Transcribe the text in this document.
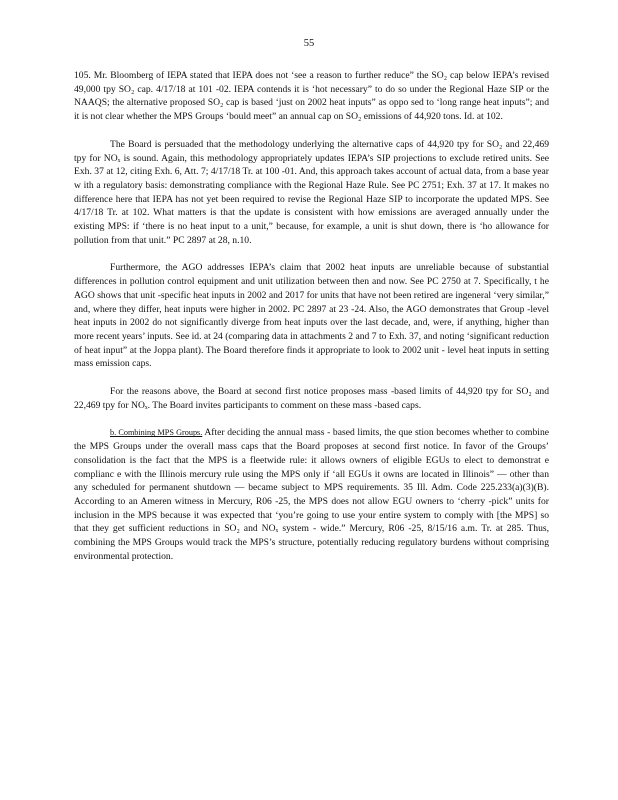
55

105. Mr. Bloomberg of IEPA stated that IEPA does not ‘see a reason to further reduce” the SO₂ cap below IEPA’s revised 49,000 tpy SO₂ cap. 4/17/18 at 101 -02. IEPA contends it is ‘hot necessary” to do so under the Regional Haze SIP or the NAAQS; the alternative proposed SO₂ cap is based ‘just on 2002 heat inputs” as oppo sed to ‘long range heat inputs”; and it is not clear whether the MPS Groups ‘bould meet” an annual cap on SO₂ emissions of 44,920 tons. Id. at 102.

The Board is persuaded that the methodology underlying the alternative caps of 44,920 tpy for SO₂ and 22,469 tpy for NOₓ is sound. Again, this methodology appropriately updates IEPA’s SIP projections to exclude retired units. See Exh. 37 at 12, citing Exh. 6, Att. 7; 4/17/18 Tr. at 100 -01. And, this approach takes account of actual data, from a base year w ith a regulatory basis: demonstrating compliance with the Regional Haze Rule. See PC 2751; Exh. 37 at 17. It makes no difference here that IEPA has not yet been required to revise the Regional Haze SIP to incorporate the updated MPS. See 4/17/18 Tr. at 102. What matters is that the update is consistent with how emissions are averaged annually under the existing MPS: if ‘there is no heat input to a unit,” because, for example, a unit is shut down, there is ‘ho allowance for pollution from that unit.” PC 2897 at 28, n.10.

Furthermore, the AGO addresses IEPA’s claim that 2002 heat inputs are unreliable because of substantial differences in pollution control equipment and unit utilization between then and now. See PC 2750 at 7. Specifically, t he AGO shows that unit -specific heat inputs in 2002 and 2017 for units that have not been retired are ingeneral ‘very similar,” and, where they differ, heat inputs were higher in 2002. PC 2897 at 23 -24. Also, the AGO demonstrates that Group -level heat inputs in 2002 do not significantly diverge from heat inputs over the last decade, and, were, if anything, higher than more recent years’ inputs. See id. at 24 (comparing data in attachments 2 and 7 to Exh. 37, and noting ‘significant reduction of heat input” at the Joppa plant). The Board therefore finds it appropriate to look to 2002 unit - level heat inputs in setting mass emission caps.

For the reasons above, the Board at second first notice proposes mass -based limits of 44,920 tpy for SO₂ and 22,469 tpy for NOₓ. The Board invites participants to comment on these mass -based caps.

b. Combining MPS Groups. After deciding the annual mass - based limits, the que stion becomes whether to combine the MPS Groups under the overall mass caps that the Board proposes at second first notice. In favor of the Groups’ consolidation is the fact that the MPS is a fleetwide rule: it allows owners of eligible EGUs to elect to demonstrat e complianc e with the Illinois mercury rule using the MPS only if ‘all EGUs it owns are located in Illinois” — other than any scheduled for permanent shutdown — became subject to MPS requirements. 35 Ill. Adm. Code 225.233(a)(3)(B). According to an Ameren witness in Mercury, R06 -25, the MPS does not allow EGU owners to ‘cherry -pick” units for inclusion in the MPS because it was expected that ‘you’re going to use your entire system to comply with [the MPS] so that they get sufficient reductions in SO₂ and NOₓ system - wide.” Mercury, R06 -25, 8/15/16 a.m. Tr. at 285. Thus, combining the MPS Groups would track the MPS’s structure, potentially reducing regulatory burdens without comprising environmental protection.
